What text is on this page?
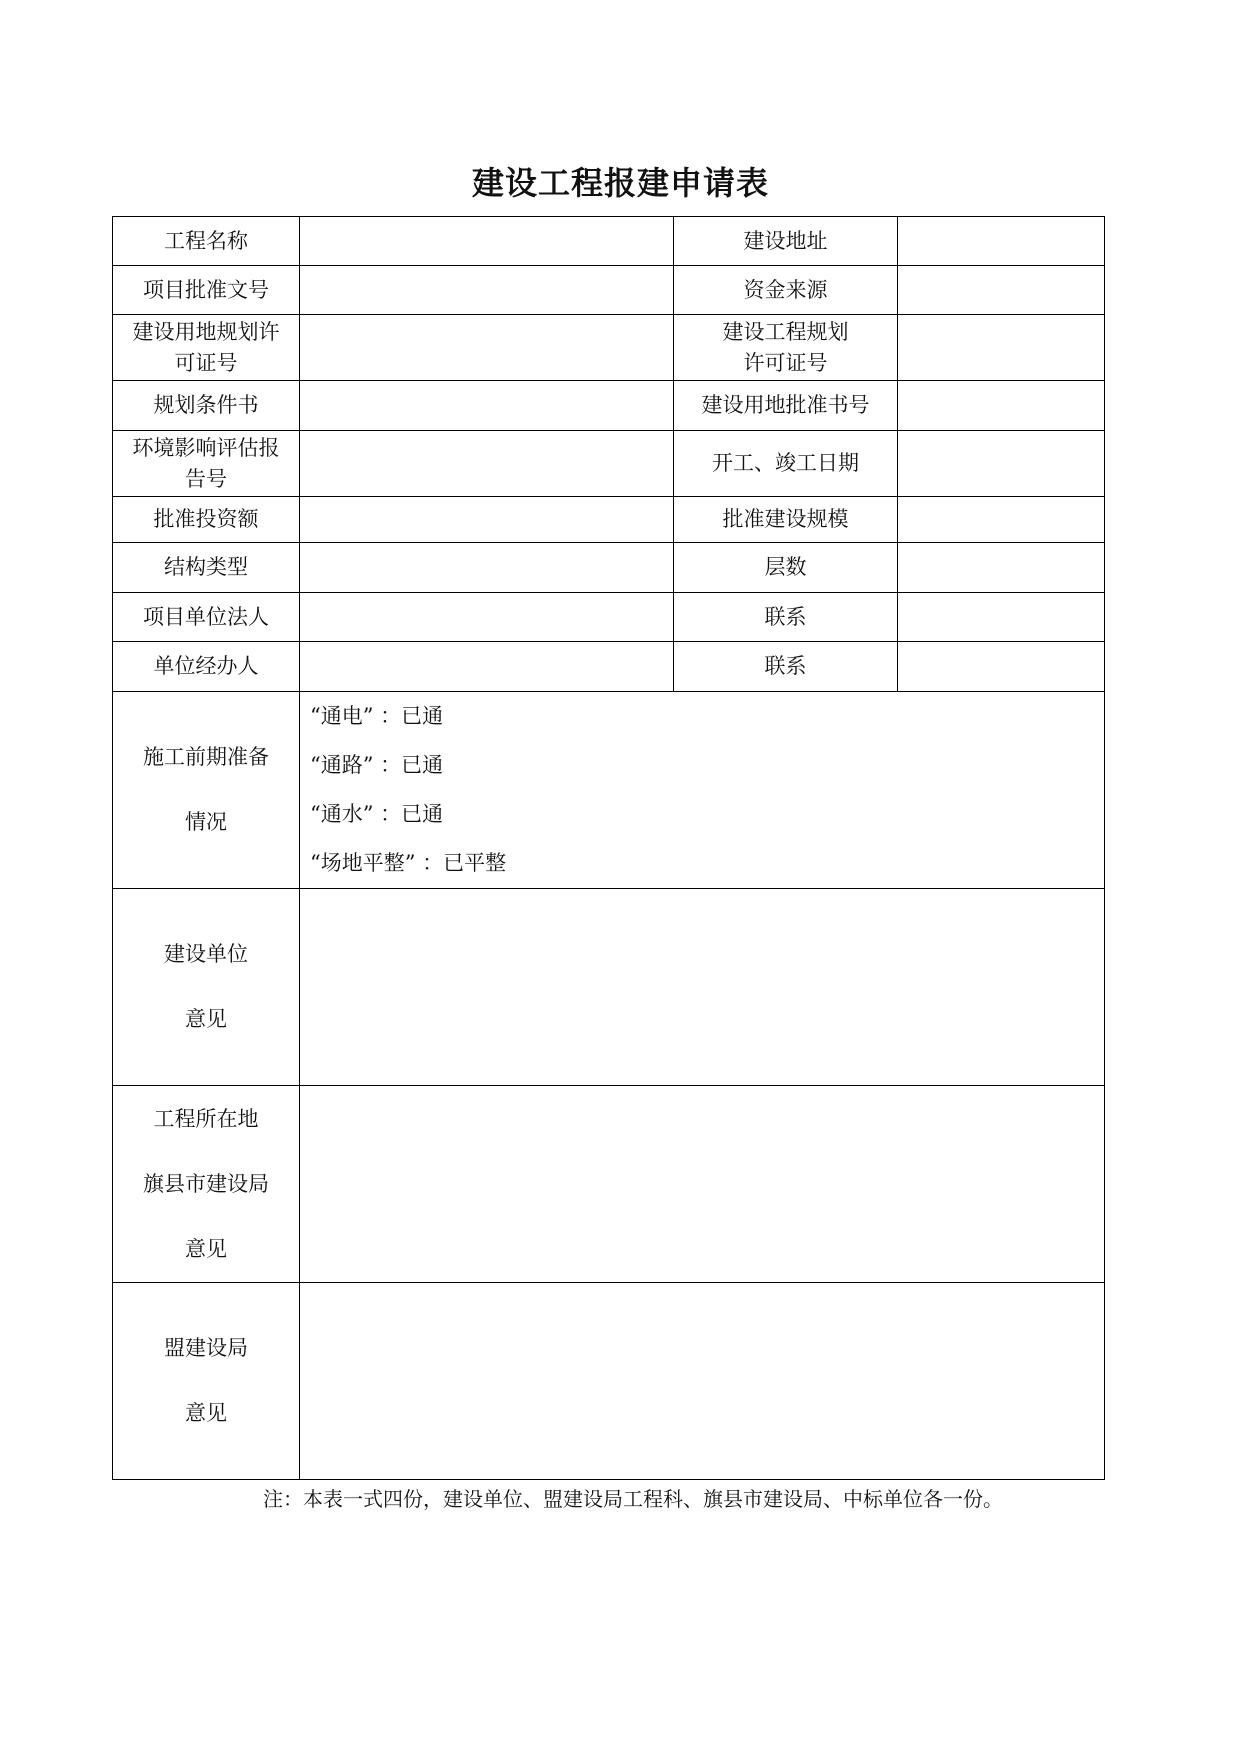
建设工程报建申请表
工程名称		建设地址	

项目批准文号		资金来源	

建设用地规划许
可证号		建设工程规划
许可证号	

规划条件书		建设用地批准书号	

环境影响评估报
告号		开工、竣工日期	

批准投资额		批准建设规模	

结构类型		层数	

项目单位法人		联系	

单位经办人		联系	

施工前期准备
情况	“通电” ：已通
“通路” ：已通
“通水” ：已通
“场地平整” ：已平整		

建设单位
意见			

工程所在地
旗县市建设局
意见			

盟建设局
意见			

注：本表一式四份，建设单位、盟建设局工程科、旗县市建设局、中标单位各一份。
